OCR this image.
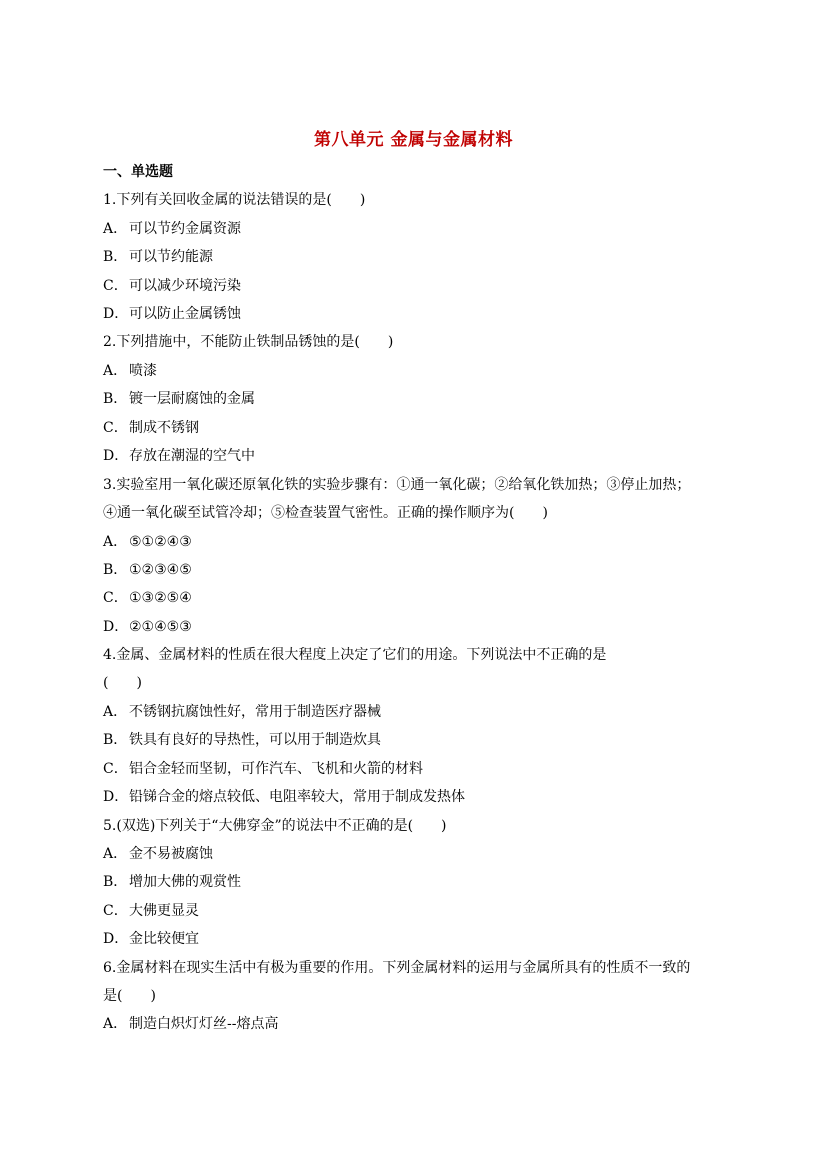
第八单元 金属与金属材料
一、单选题
1.下列有关回收金属的说法错误的是(　　)
A． 可以节约金属资源
B． 可以节约能源
C．可以减少环境污染
D．可以防止金属锈蚀
2.下列措施中，不能防止铁制品锈蚀的是(　　)
A． 喷漆
B． 镀一层耐腐蚀的金属
C．制成不锈钢
D．存放在潮湿的空气中
3.实验室用一氧化碳还原氧化铁的实验步骤有：①通一氧化碳；②给氧化铁加热；③停止加热；
④通一氧化碳至试管冷却；⑤检查装置气密性。正确的操作顺序为(　　)
A． ⑤①②④③
B． ①②③④⑤
C．①③②⑤④
D．②①④⑤③
4.金属、金属材料的性质在很大程度上决定了它们的用途。下列说法中不正确的是
(　　)
A． 不锈钢抗腐蚀性好，常用于制造医疗器械
B． 铁具有良好的导热性，可以用于制造炊具
C．铝合金轻而坚韧，可作汽车、飞机和火箭的材料
D．铅锑合金的熔点较低、电阻率较大，常用于制成发热体
5.(双选)下列关于“大佛穿金”的说法中不正确的是(　　)
A． 金不易被腐蚀
B． 增加大佛的观赏性
C．大佛更显灵
D．金比较便宜
6.金属材料在现实生活中有极为重要的作用。下列金属材料的运用与金属所具有的性质不一致的
是(　　)
A． 制造白炽灯灯丝--熔点高
